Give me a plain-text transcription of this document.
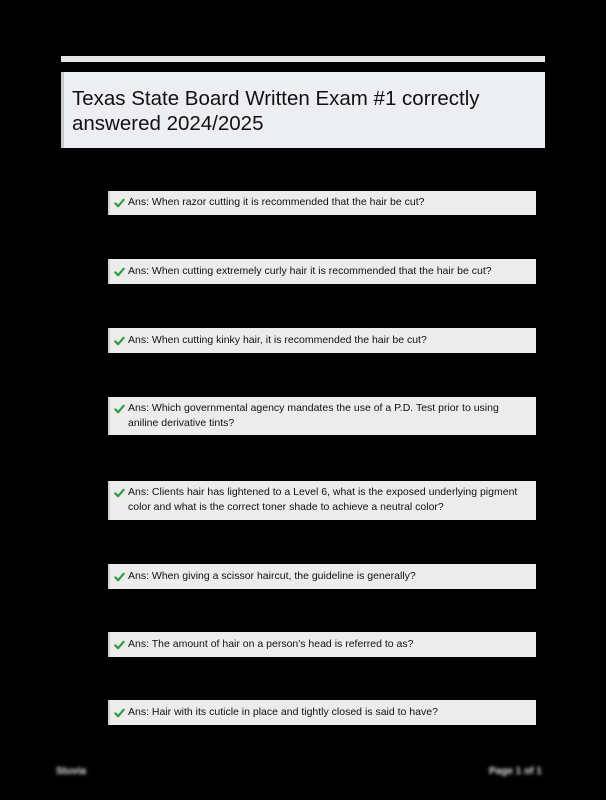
Texas State Board Written Exam #1 correctly answered 2024/2025
Ans: When razor cutting it is recommended that the hair be cut?
Ans: When cutting extremely curly hair it is recommended that the hair be cut?
Ans: When cutting kinky hair, it is recommended the hair be cut?
Ans: Which governmental agency mandates the use of a P.D. Test prior to using aniline derivative tints?
Ans: Clients hair has lightened to a Level 6, what is the exposed underlying pigment color and what is the correct toner shade to achieve a neutral color?
Ans: When giving a scissor haircut, the guideline is generally?
Ans: The amount of hair on a person's head is referred to as?
Ans: Hair with its cuticle in place and tightly closed is said to have?
Stuvia	Page 1 of 1
